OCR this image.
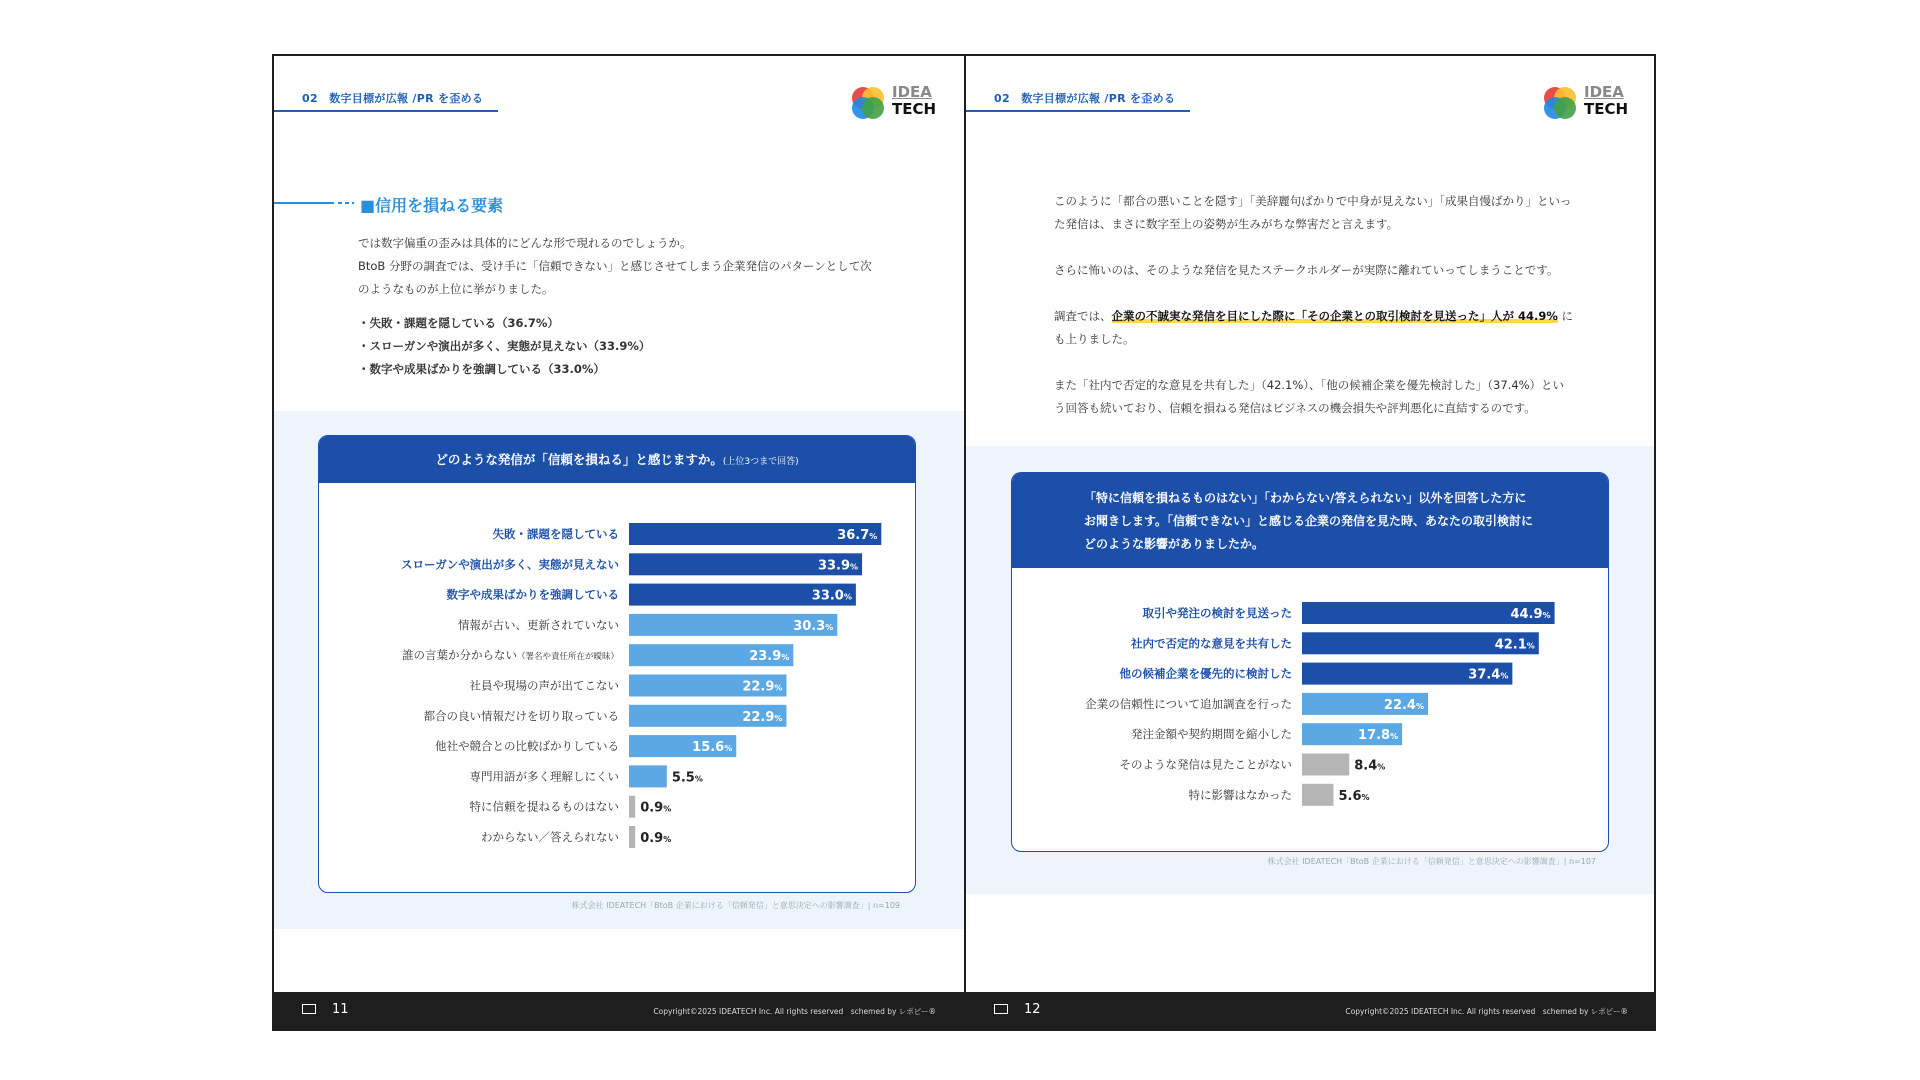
02　数字目標が広報 /PR を歪める	IDEA
TECH
■信用を損ねる要素
では数字偏重の歪みは具体的にどんな形で現れるのでしょうか。
BtoB 分野の調査では、受け手に「信頼できない」と感じさせてしまう企業発信のパターンとして次
のようなものが上位に挙がりました。
・失敗・課題を隠している（36.7%）
・スローガンや演出が多く、実態が見えない（33.9%）
・数字や成果ばかりを強調している（33.0%）
どのような発信が「信頼を損ねる」と感じますか。(上位3つまで回答)
失敗・課題を隠している	36.7%
スローガンや演出が多く、実態が見えない	33.9%
数字や成果ばかりを強調している	33.0%
情報が古い、更新されていない	30.3%
誰の言葉か分からない（署名や責任所在が曖昧）	23.9%
社員や現場の声が出てこない	22.9%
都合の良い情報だけを切り取っている	22.9%
他社や競合との比較ばかりしている	15.6%
専門用語が多く理解しにくい	5.5%
特に信頼を提ねるものはない 0.9%
わからない／答えられない 0.9%
株式会社 IDEATECH「BtoB 企業における「信頼発信」と意思決定への影響調査」| n=109
11	Copyright©2025 IDEATECH Inc. All rights reserved　schemed by レポピー®
02　数字目標が広報 /PR を歪める	IDEA
TECH
このように「都合の悪いことを隠す」「美辞麗句ばかりで中身が見えない」「成果自慢ばかり」といっ
た発信は、まさに数字至上の姿勢が生みがちな弊害だと言えます。
さらに怖いのは、そのような発信を見たステークホルダーが実際に離れていってしまうことです。
調査では、企業の不誠実な発信を目にした際に「その企業との取引検討を見送った」人が 44.9% に
も上りました。
また「社内で否定的な意見を共有した」（42.1%）、「他の候補企業を優先検討した」（37.4%）とい
う回答も続いており、信頼を損ねる発信はビジネスの機会損失や評判悪化に直結するのです。
「特に信頼を損ねるものはない」「わからない/答えられない」以外を回答した方に
お聞きします。「信頼できない」と感じる企業の発信を見た時、あなたの取引検討に
どのような影響がありましたか。
取引や発注の検討を見送った	44.9%
社内で否定的な意見を共有した	42.1%
他の候補企業を優先的に検討した	37.4%
企業の信頼性について追加調査を行った	22.4%
発注金額や契約期間を縮小した	17.8%
そのような発信は見たことがない	8.4%
特に影響はなかった	5.6%
株式会社 IDEATECH「BtoB 企業における「信頼発信」と意思決定への影響調査」| n=107
12	Copyright©2025 IDEATECH Inc. All rights reserved　schemed by レポピー®
